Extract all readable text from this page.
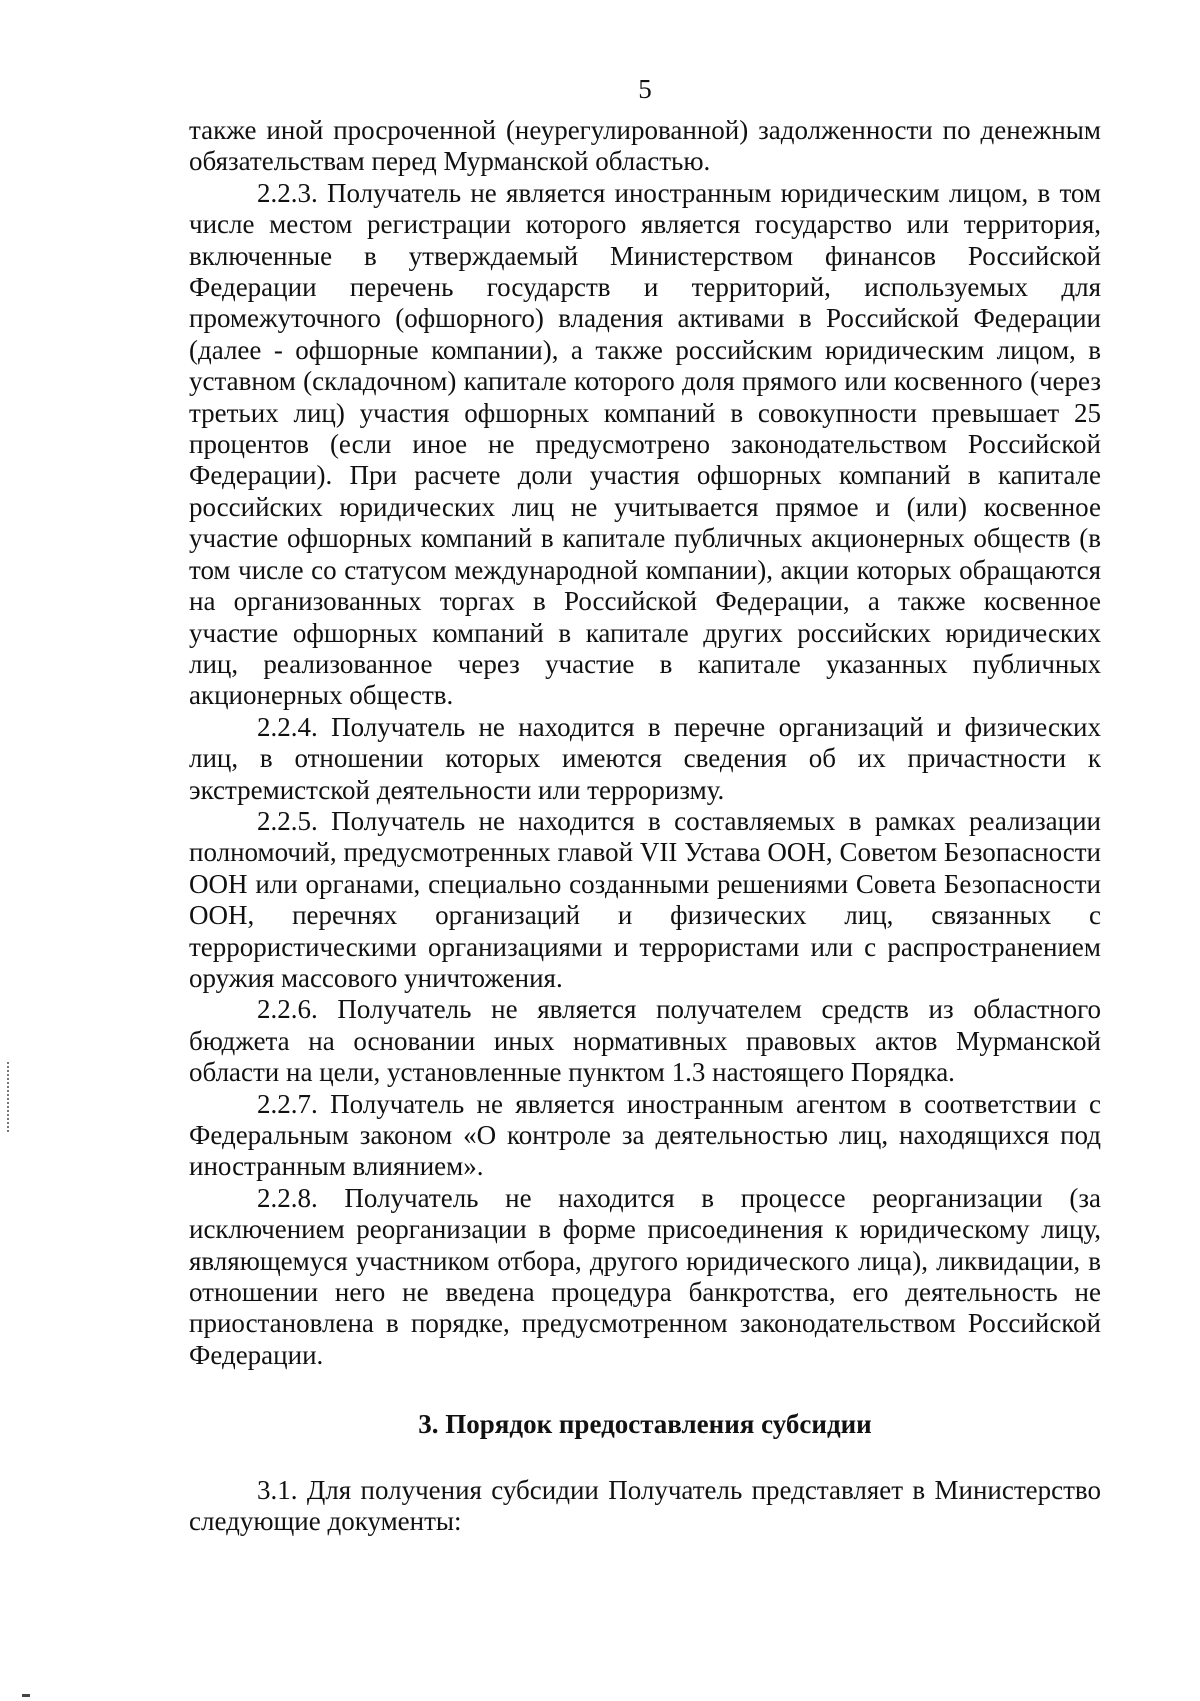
5

также иной просроченной (неурегулированной) задолженности по денежным обязательствам перед Мурманской областью.

2.2.3. Получатель не является иностранным юридическим лицом, в том числе местом регистрации которого является государство или территория, включенные в утверждаемый Министерством финансов Российской Федерации перечень государств и территорий, используемых для промежуточного (офшорного) владения активами в Российской Федерации (далее - офшорные компании), а также российским юридическим лицом, в уставном (складочном) капитале которого доля прямого или косвенного (через третьих лиц) участия офшорных компаний в совокупности превышает 25 процентов (если иное не предусмотрено законодательством Российской Федерации). При расчете доли участия офшорных компаний в капитале российских юридических лиц не учитывается прямое и (или) косвенное участие офшорных компаний в капитале публичных акционерных обществ (в том числе со статусом международной компании), акции которых обращаются на организованных торгах в Российской Федерации, а также косвенное участие офшорных компаний в капитале других российских юридических лиц, реализованное через участие в капитале указанных публичных акционерных обществ.

2.2.4. Получатель не находится в перечне организаций и физических лиц, в отношении которых имеются сведения об их причастности к экстремистской деятельности или терроризму.

2.2.5. Получатель не находится в составляемых в рамках реализации полномочий, предусмотренных главой VII Устава ООН, Советом Безопасности ООН или органами, специально созданными решениями Совета Безопасности ООН, перечнях организаций и физических лиц, связанных с террористическими организациями и террористами или с распространением оружия массового уничтожения.

2.2.6. Получатель не является получателем средств из областного бюджета на основании иных нормативных правовых актов Мурманской области на цели, установленные пунктом 1.3 настоящего Порядка.

2.2.7. Получатель не является иностранным агентом в соответствии с Федеральным законом «О контроле за деятельностью лиц, находящихся под иностранным влиянием».

2.2.8. Получатель не находится в процессе реорганизации (за исключением реорганизации в форме присоединения к юридическому лицу, являющемуся участником отбора, другого юридического лица), ликвидации, в отношении него не введена процедура банкротства, его деятельность не приостановлена в порядке, предусмотренном законодательством Российской Федерации.

3. Порядок предоставления субсидии

3.1. Для получения субсидии Получатель представляет в Министерство следующие документы:
